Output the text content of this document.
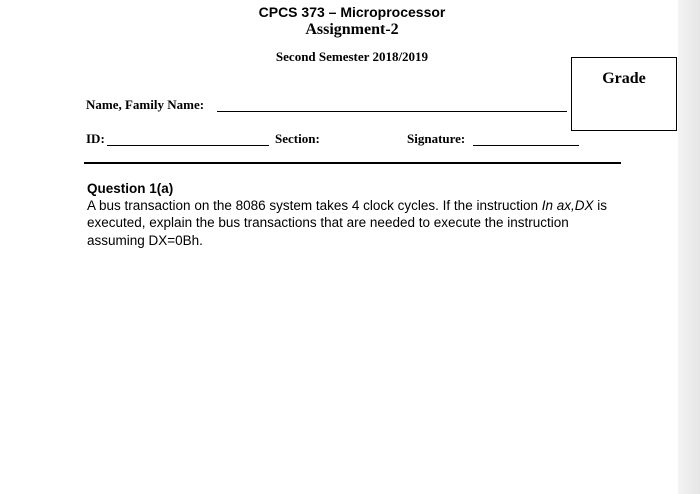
CPCS 373 – Microprocessor
Assignment-2
Second Semester 2018/2019
Grade
Name, Family Name:
ID:	Section:	Signature:
Question 1(a)
A bus transaction on the 8086 system takes 4 clock cycles. If the instruction In ax,DX is executed, explain the bus transactions that are needed to execute the instruction assuming DX=0Bh.
